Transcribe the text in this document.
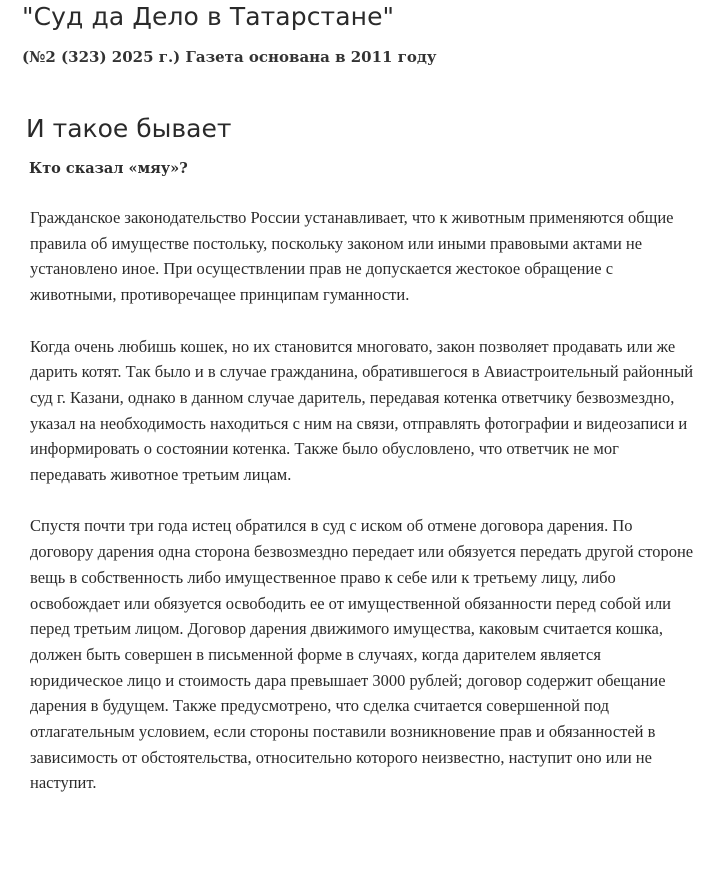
"Суд да Дело в Татарстане"
(№2 (323) 2025 г.) Газета основана в 2011 году
И такое бывает
Кто сказал «мяу»?

Гражданское законодательство России устанавливает, что к животным применяются общие правила об имуществе постольку, поскольку законом или иными правовыми актами не установлено иное. При осуществлении прав не допускается жестокое обращение с животными, противоречащее принципам гуманности.

Когда очень любишь кошек, но их становится многовато, закон позволяет продавать или же дарить котят. Так было и в случае гражданина, обратившегося в Авиастроительный районный суд г. Казани, однако в данном случае даритель, передавая котенка ответчику безвозмездно, указал на необходимость находиться с ним на связи, отправлять фотографии и видеозаписи и информировать о состоянии котенка. Также было обусловлено, что ответчик не мог передавать животное третьим лицам.

Спустя почти три года истец обратился в суд с иском об отмене договора дарения. По договору дарения одна сторона безвозмездно передает или обязуется передать другой стороне вещь в собственность либо имущественное право к себе или к третьему лицу, либо освобождает или обязуется освободить ее от имущественной обязанности перед собой или перед третьим лицом. Договор дарения движимого имущества, каковым считается кошка, должен быть совершен в письменной форме в случаях, когда дарителем является юридическое лицо и стоимость дара превышает 3000 рублей; договор содержит обещание дарения в будущем. Также предусмотрено, что сделка считается совершенной под отлагательным условием, если стороны поставили возникновение прав и обязанностей в зависимость от обстоятельства, относительно которого неизвестно, наступит оно или не наступит.
